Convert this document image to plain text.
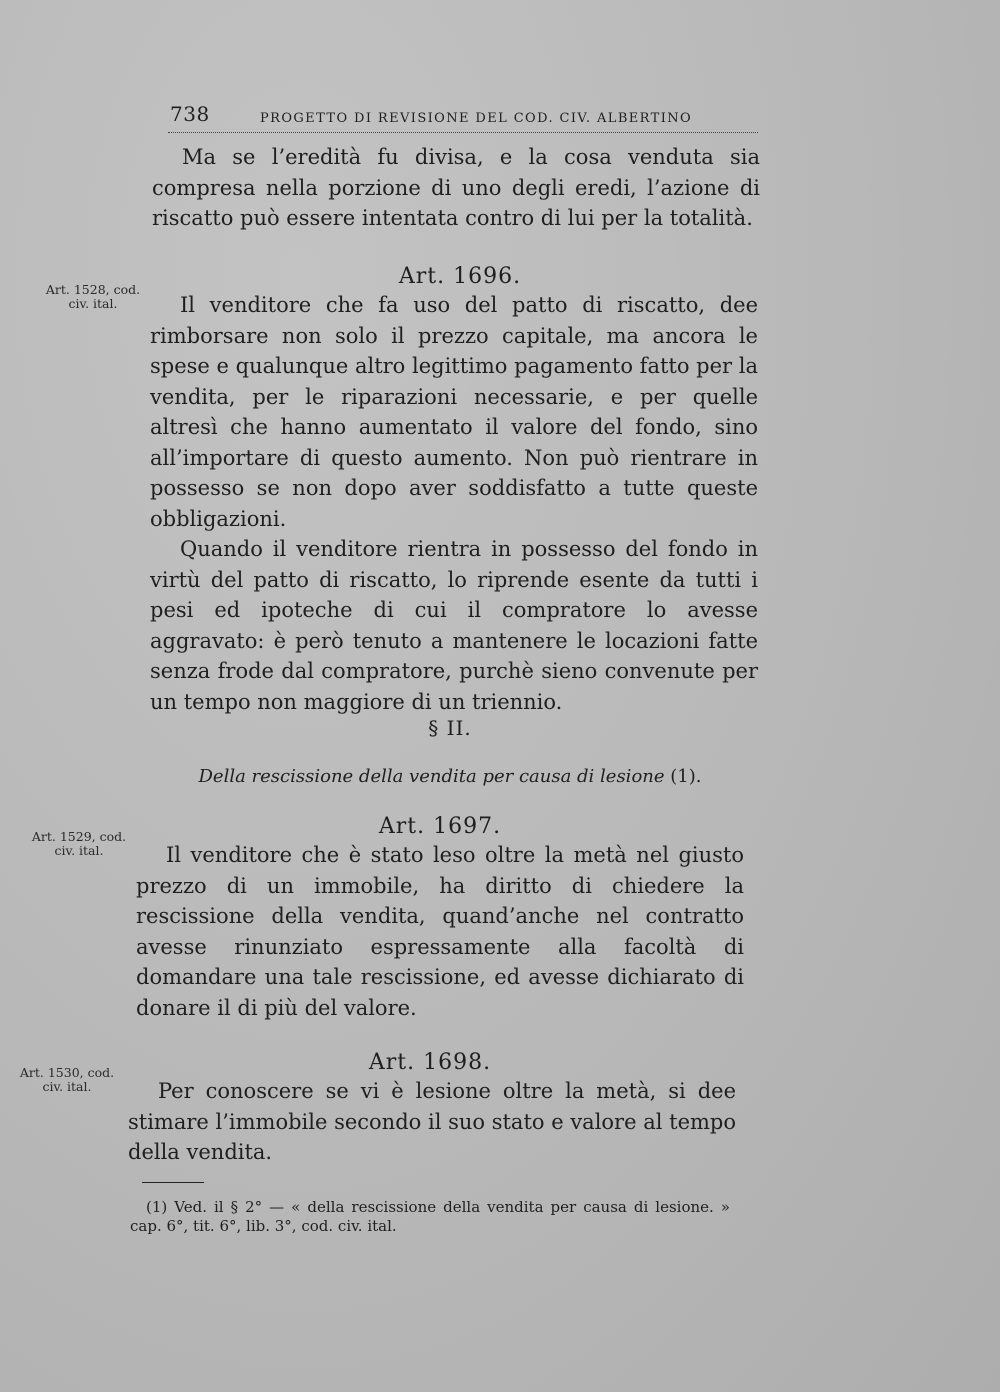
738	PROGETTO DI REVISIONE DEL COD. CIV. ALBERTINO

Ma se l’eredità fu divisa, e la cosa venduta sia compresa nella porzione di uno degli eredi, l’azione di riscatto può essere intentata contro di lui per la totalità.

Art. 1528, cod. civ. ital.
Art. 1696.

Il venditore che fa uso del patto di riscatto, dee rimborsare non solo il prezzo capitale, ma ancora le spese e qualunque altro legittimo pagamento fatto per la vendita, per le riparazioni necessarie, e per quelle altresì che hanno aumentato il valore del fondo, sino all’importare di questo aumento. Non può rientrare in possesso se non dopo aver soddisfatto a tutte queste obbligazioni.

Quando il venditore rientra in possesso del fondo in virtù del patto di riscatto, lo riprende esente da tutti i pesi ed ipoteche di cui il compratore lo avesse aggravato: è però tenuto a mantenere le locazioni fatte senza frode dal compratore, purchè sieno convenute per un tempo non maggiore di un triennio.

§ II.
Della rescissione della vendita per causa di lesione (1).
Art. 1529, cod. civ. ital.
Art. 1697.

Il venditore che è stato leso oltre la metà nel giusto prezzo di un immobile, ha diritto di chiedere la rescissione della vendita, quand’anche nel contratto avesse rinunziato espressamente alla facoltà di domandare una tale rescissione, ed avesse dichiarato di donare il di più del valore.

Art. 1530, cod. civ. ital.
Art. 1698.

Per conoscere se vi è lesione oltre la metà, si dee stimare l’immobile secondo il suo stato e valore al tempo della vendita.

(1) Ved. il § 2° — « della rescissione della vendita per causa di lesione. » cap. 6°, tit. 6°, lib. 3°, cod. civ. ital.
